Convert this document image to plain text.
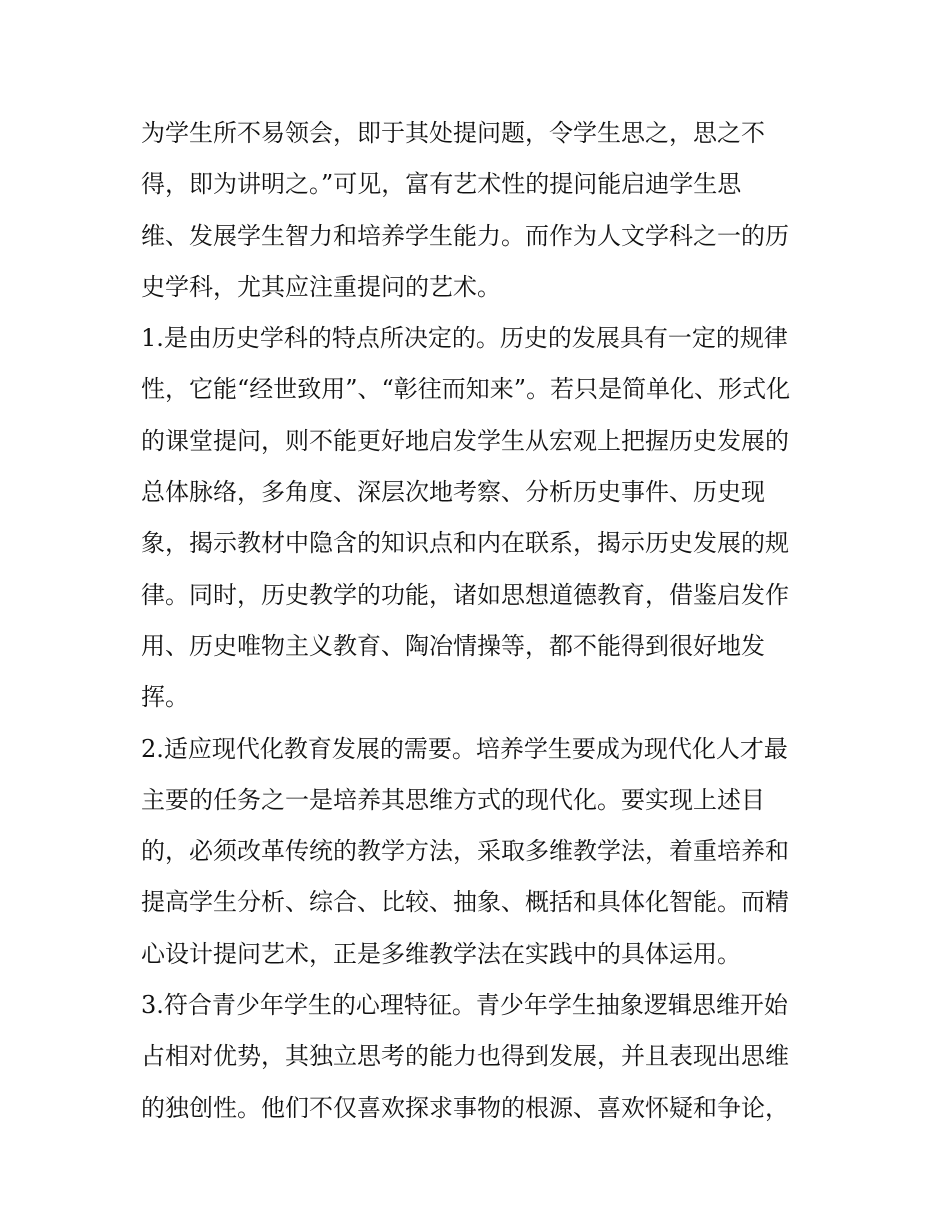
为学生所不易领会，即于其处提问题，令学生思之，思之不
得，即为讲明之。”可见，富有艺术性的提问能启迪学生思
维、发展学生智力和培养学生能力。而作为人文学科之一的历
史学科，尤其应注重提问的艺术。
1.是由历史学科的特点所决定的。历史的发展具有一定的规律
性，它能“经世致用”、“彰往而知来”。若只是简单化、形式化
的课堂提问，则不能更好地启发学生从宏观上把握历史发展的
总体脉络，多角度、深层次地考察、分析历史事件、历史现
象，揭示教材中隐含的知识点和内在联系，揭示历史发展的规
律。同时，历史教学的功能，诸如思想道德教育，借鉴启发作
用、历史唯物主义教育、陶冶情操等，都不能得到很好地发
挥。
2.适应现代化教育发展的需要。培养学生要成为现代化人才最
主要的任务之一是培养其思维方式的现代化。要实现上述目
的，必须改革传统的教学方法，采取多维教学法，着重培养和
提高学生分析、综合、比较、抽象、概括和具体化智能。而精
心设计提问艺术，正是多维教学法在实践中的具体运用。
3.符合青少年学生的心理特征。青少年学生抽象逻辑思维开始
占相对优势，其独立思考的能力也得到发展，并且表现出思维
的独创性。他们不仅喜欢探求事物的根源、喜欢怀疑和争论，
